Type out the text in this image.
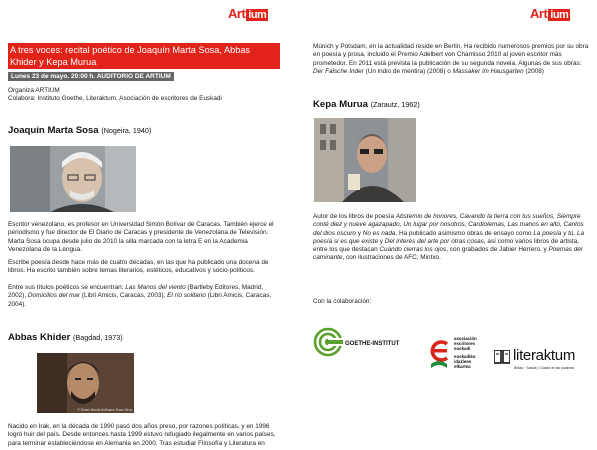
Art ium
A tres voces: recital poético de Joaquín Marta Sosa, Abbas Khider y Kepa Murua
Lunes 23 de mayo. 20:00 h. AUDITORIO DE ARTIUM
Organiza ARTIUM
Colabora: Instituto Goethe, Literaktum, Asociación de escritores de Euskadi
Joaquín Marta Sosa (Nogeira, 1940)
Escritor venezolano, es profesor en Universidad Simón Bolívar de Caracas. También ejerce el periodismo y fue director de El Diario de Caracas y presidente de Venezolana de Televisión. Marta Sosa ocupa desde julio de 2010 la silla marcada con la letra E en la Academia Venezolana de la Lengua.
Escribe poesía desde hace más de cuatro décadas, en las que ha publicado una docena de libros. Ha escrito también sobre temas literarios, estéticos, educativos y socio-políticos.
Entre sus títulos poéticos se encuentran: Las Manos del viento (Bartleby Editores, Madrid, 2002), Domicilios del mar (Libri Amicis, Caracas, 2003), El río solitario (Libri Amicis, Caracas, 2004).
Abbas Khider (Bagdad, 1973)
© Robert Brenik Hoffmann Rows Stroy
Nacido en Irak, en la década de 1990 pasó dos años preso, por razones políticas, y en 1996 logró huir del país. Desde entonces hasta 1999 estuvo refugiado ilegalmente en varios países, para terminar estableciéndose en Alemania en 2000. Tras estudiar Filosofía y Literatura en
Art ium
Múnich y Potsdam, en la actualidad reside en Berlín. Ha recibido numerosos premios por su obra en poesía y prosa, incluido el Premio Adelbert von Chamisso 2010 al joven escritor más prometedor. En 2011 está prevista la publicación de su segunda novela. Algunas de sus obras: Der Falsche Inder (Un indio de mentira) (2008) o Massaker im Hausgarten (2008)
Kepa Murua (Zarautz, 1962)
Autor de los libros de poesía Abstemio de honores, Cavando la tierra con tus sueños, Siempre conté diez y nueve agazapado, Un lugar por nosotros, Cardiolemas, Las manos en alto, Cantos del dios oscuro y No es nada. Ha publicado asimismo obras de ensayo como La poesía y tú, La poesía si es que existe y Del interés del arte por otras cosas, así como varios libros de artista, entre los que destacan Cuando cierras los ojos, con grabados de Jabier Herrero, y Poemas del caminante, con ilustraciones de AFC, Mintxo.
Con la colaboración:
GOETHE-INSTITUT
asociación
escritores
euskadi
euskadiko
idazleen
elkartea
literaktum
Bilbao · Sasiak | Ciudad de las palabras
